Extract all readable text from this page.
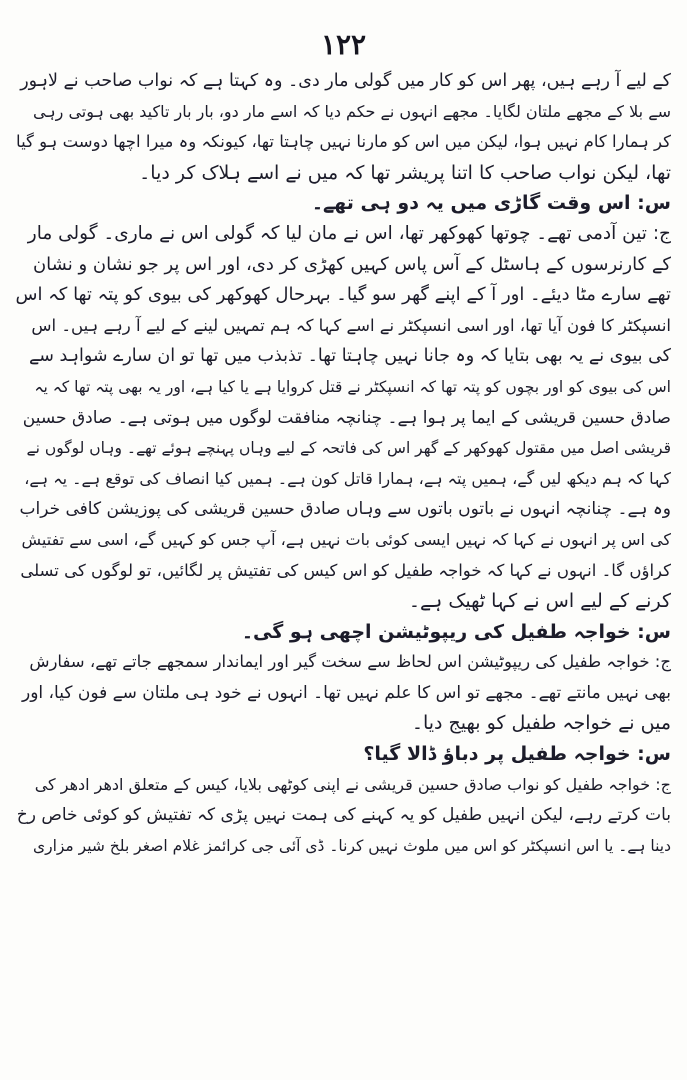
۱۲۲
کے لیے آ رہے ہیں، پھر اس کو کار میں گولی مار دی۔ وہ کہتا ہے کہ نواب صاحب نے لاہور
سے بلا کے مجھے ملتان لگایا۔ مجھے انہوں نے حکم دیا کہ اسے مار دو، بار بار تاکید بھی ہوتی رہی
کر ہمارا کام نہیں ہوا، لیکن میں اس کو مارنا نہیں چاہتا تھا، کیونکہ وہ میرا اچھا دوست ہو گیا
تھا، لیکن نواب صاحب کا اتنا پریشر تھا کہ میں نے اسے ہلاک کر دیا۔
س: اس وقت گاڑی میں یہ دو ہی تھے۔
ج: تین آدمی تھے۔ چوتھا کھوکھر تھا، اس نے مان لیا کہ گولی اس نے ماری۔ گولی مار
کے کارنرسوں کے ہاسٹل کے آس پاس کہیں کھڑی کر دی، اور اس پر جو نشان و نشان
تھے سارے مٹا دیئے۔ اور آ کے اپنے گھر سو گیا۔ بہرحال کھوکھر کی بیوی کو پتہ تھا کہ اس
انسپکٹر کا فون آیا تھا، اور اسی انسپکٹر نے اسے کہا کہ ہم تمہیں لینے کے لیے آ رہے ہیں۔ اس
کی بیوی نے یہ بھی بتایا کہ وہ جانا نہیں چاہتا تھا۔ تذبذب میں تھا تو ان سارے شواہد سے
اس کی بیوی کو اور بچوں کو پتہ تھا کہ انسپکٹر نے قتل کروایا ہے یا کیا ہے، اور یہ بھی پتہ تھا کہ یہ
صادق حسین قریشی کے ایما پر ہوا ہے۔ چنانچہ منافقت لوگوں میں ہوتی ہے۔ صادق حسین
قریشی اصل میں مقتول کھوکھر کے گھر اس کی فاتحہ کے لیے وہاں پہنچے ہوئے تھے۔ وہاں لوگوں نے
کہا کہ ہم دیکھ لیں گے، ہمیں پتہ ہے، ہمارا قاتل کون ہے۔ ہمیں کیا انصاف کی توقع ہے۔ یہ ہے،
وہ ہے۔ چنانچہ انہوں نے باتوں باتوں سے وہاں صادق حسین قریشی کی پوزیشن کافی خراب
کی اس پر انہوں نے کہا کہ نہیں ایسی کوئی بات نہیں ہے، آپ جس کو کہیں گے، اسی سے تفتیش
کراؤں گا۔ انہوں نے کہا کہ خواجہ طفیل کو اس کیس کی تفتیش پر لگائیں، تو لوگوں کی تسلی
کرنے کے لیے اس نے کہا ٹھیک ہے۔
س: خواجہ طفیل کی ریپوٹیشن اچھی ہو گی۔
ج: خواجہ طفیل کی ریپوٹیشن اس لحاظ سے سخت گیر اور ایماندار سمجھے جاتے تھے، سفارش
بھی نہیں مانتے تھے۔ مجھے تو اس کا علم نہیں تھا۔ انہوں نے خود ہی ملتان سے فون کیا، اور
میں نے خواجہ طفیل کو بھیج دیا۔
س: خواجہ طفیل پر دباؤ ڈالا گیا؟
ج: خواجہ طفیل کو نواب صادق حسین قریشی نے اپنی کوٹھی بلایا، کیس کے متعلق ادھر ادھر کی
بات کرتے رہے، لیکن انہیں طفیل کو یہ کہنے کی ہمت نہیں پڑی کہ تفتیش کو کوئی خاص رخ
دینا ہے۔ یا اس انسپکٹر کو اس میں ملوث نہیں کرنا۔ ڈی آئی جی کرائمز غلام اصغر بلخ شیر مزاری
